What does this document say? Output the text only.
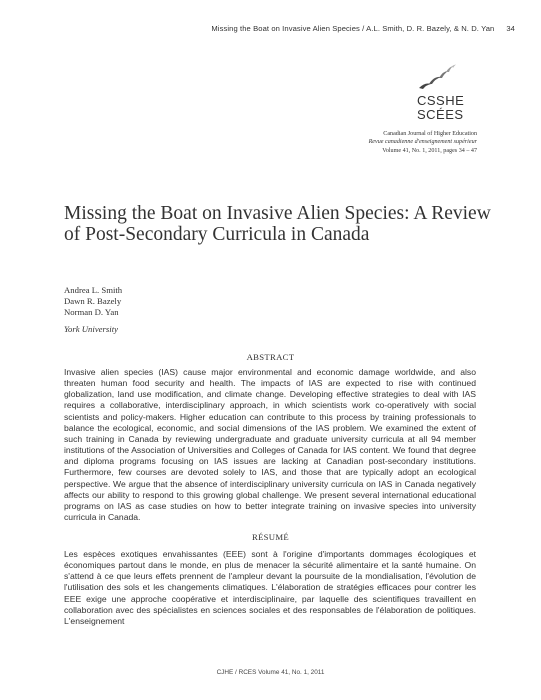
Missing the Boat on Invasive Alien Species / A.L. Smith, D. R. Bazely, & N. D. Yan 34
CSSHE
SCÉES
Canadian Journal of Higher Education
Revue canadienne d'enseignement supérieur
Volume 41, No. 1, 2011, pages 34 – 47
Missing the Boat on Invasive Alien Species: A Review of Post-Secondary Curricula in Canada
Andrea L. Smith
Dawn R. Bazely
Norman D. Yan
York University
ABSTRACT

Invasive alien species (IAS) cause major environmental and economic damage worldwide, and also threaten human food security and health. The impacts of IAS are expected to rise with continued globalization, land use modification, and climate change. Developing effective strategies to deal with IAS requires a collaborative, interdisciplinary approach, in which scientists work co-operatively with social scientists and policy-makers. Higher education can contribute to this process by training professionals to balance the ecological, economic, and social dimensions of the IAS problem. We examined the extent of such training in Canada by reviewing undergraduate and graduate university curricula at all 94 member institutions of the Association of Universities and Colleges of Canada for IAS content. We found that degree and diploma programs focusing on IAS issues are lacking at Canadian post-secondary institutions. Furthermore, few courses are devoted solely to IAS, and those that are typically adopt an ecological perspective. We argue that the absence of interdisciplinary university curricula on IAS in Canada negatively affects our ability to respond to this growing global challenge. We present several international educational programs on IAS as case studies on how to better integrate training on invasive species into university curricula in Canada.

RÉSUMÉ

Les espèces exotiques envahissantes (EEE) sont à l'origine d'importants dommages écologiques et économiques partout dans le monde, en plus de menacer la sécurité alimentaire et la santé humaine. On s'attend à ce que leurs effets prennent de l'ampleur devant la poursuite de la mondialisation, l'évolution de l'utilisation des sols et les changements climatiques. L'élaboration de stratégies efficaces pour contrer les EEE exige une approche coopérative et interdisciplinaire, par laquelle des scientifiques travaillent en collaboration avec des spécialistes en sciences sociales et des responsables de l'élaboration de politiques. L'enseignement

CJHE / RCES Volume 41, No. 1, 2011
